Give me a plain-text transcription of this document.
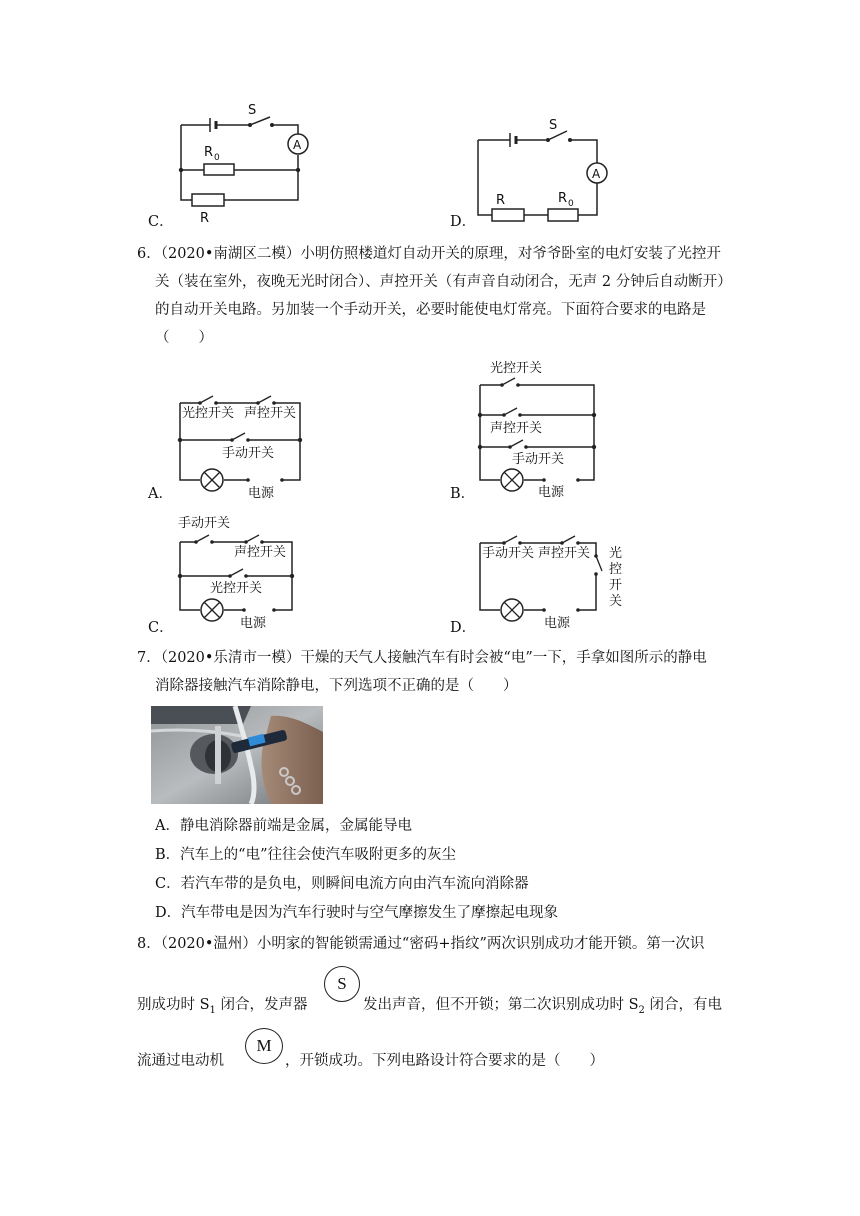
S
A
R 0
R
C．
S
A
R	R 0
D．
6．（2020•南湖区二模）小明仿照楼道灯自动开关的原理，对爷爷卧室的电灯安装了光控开
关（装在室外，夜晚无光时闭合）、声控开关（有声音自动闭合，无声 2 分钟后自动断开）
的自动开关电路。另加装一个手动开关，必要时能使电灯常亮。下面符合要求的电路是
（　　）
光控开关 声控开关
手动开关
电源
A．
光控开关
声控开关
手动开关
电源
B．
手动开关
声控开关
光控开关
电源
C．
手动开关 声控开关 光
控
开
关
电源
D．
7．（2020•乐清市一模）干燥的天气人接触汽车有时会被“电”一下，手拿如图所示的静电
消除器接触汽车消除静电，下列选项不正确的是（　　）
A．静电消除器前端是金属，金属能导电
B．汽车上的“电”往往会使汽车吸附更多的灰尘
C．若汽车带的是负电，则瞬间电流方向由汽车流向消除器
D．汽车带电是因为汽车行驶时与空气摩擦发生了摩擦起电现象
8．（2020•温州）小明家的智能锁需通过“密码+指纹”两次识别成功才能开锁。第一次识
别成功时 $S_1$ 闭合，发声器
S
发出声音，但不开锁；第二次识别成功时 $S_2$ 闭合，有电
流通过电动机
M
，开锁成功。下列电路设计符合要求的是（　　）
